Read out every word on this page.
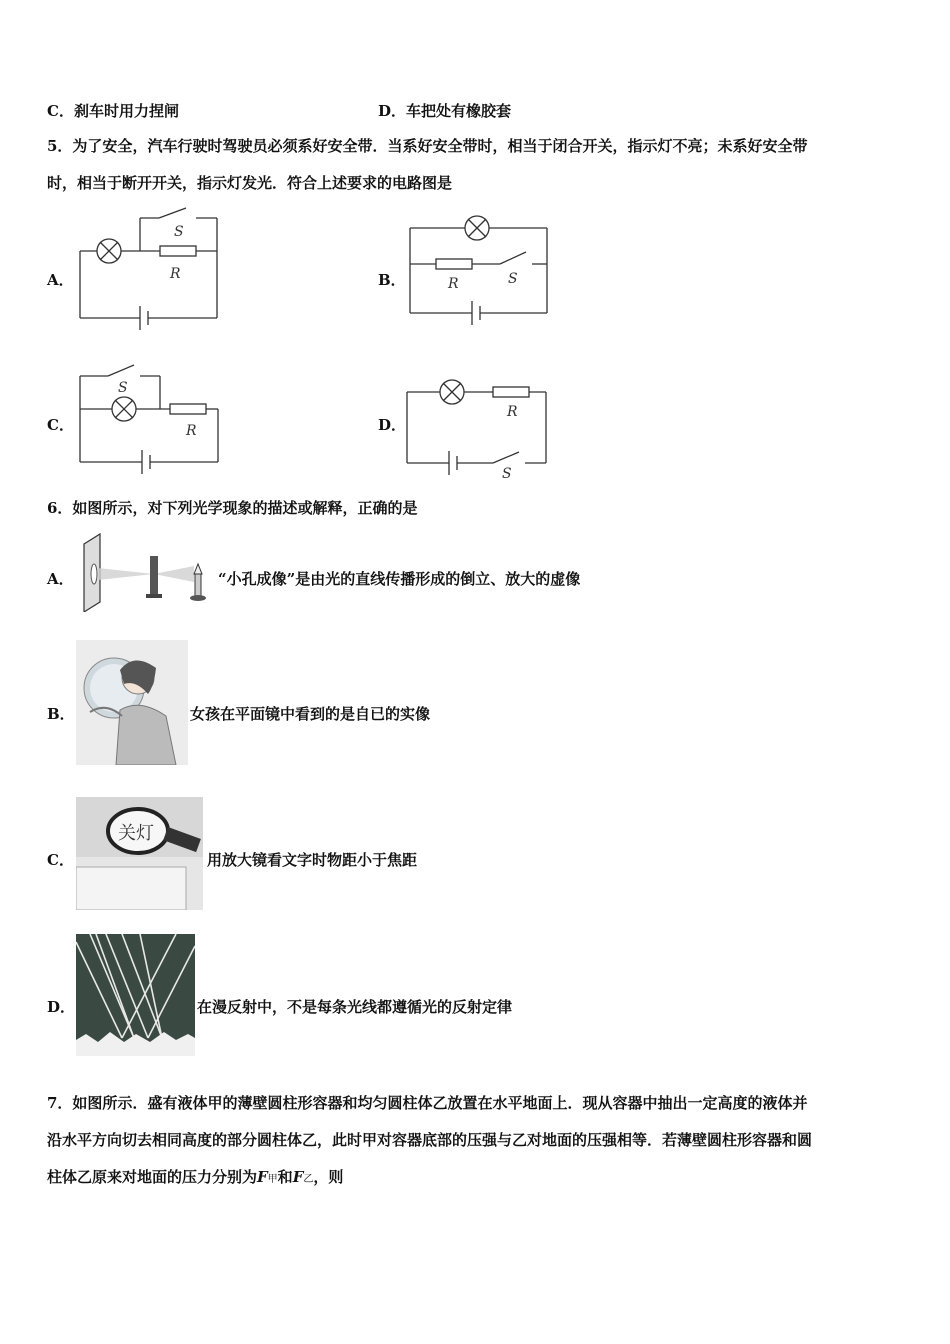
C．刹车时用力捏闸	D．车把处有橡胶套
5．为了安全，汽车行驶时驾驶员必须系好安全带．当系好安全带时，相当于闭合开关，指示灯不亮；未系好安全带
时，相当于断开开关，指示灯发光．符合上述要求的电路图是
A．
S
R	B．	R	S
C．
S
R	D．
R
S
6．如图所示，对下列光学现象的描述或解释，正确的是
A．	“小孔成像”是由光的直线传播形成的倒立、放大的虚像
B．	女孩在平面镜中看到的是自已的实像
C．
关灯
用放大镜看文字时物距小于焦距
D．	在漫反射中，不是每条光线都遵循光的反射定律
7．如图所示．盛有液体甲的薄壁圆柱形容器和均匀圆柱体乙放置在水平地面上．现从容器中抽出一定高度的液体并
沿水平方向切去相同高度的部分圆柱体乙，此时甲对容器底部的压强与乙对地面的压强相等．若薄壁圆柱形容器和圆
柱体乙原来对地面的压力分别为F甲和F乙，则
